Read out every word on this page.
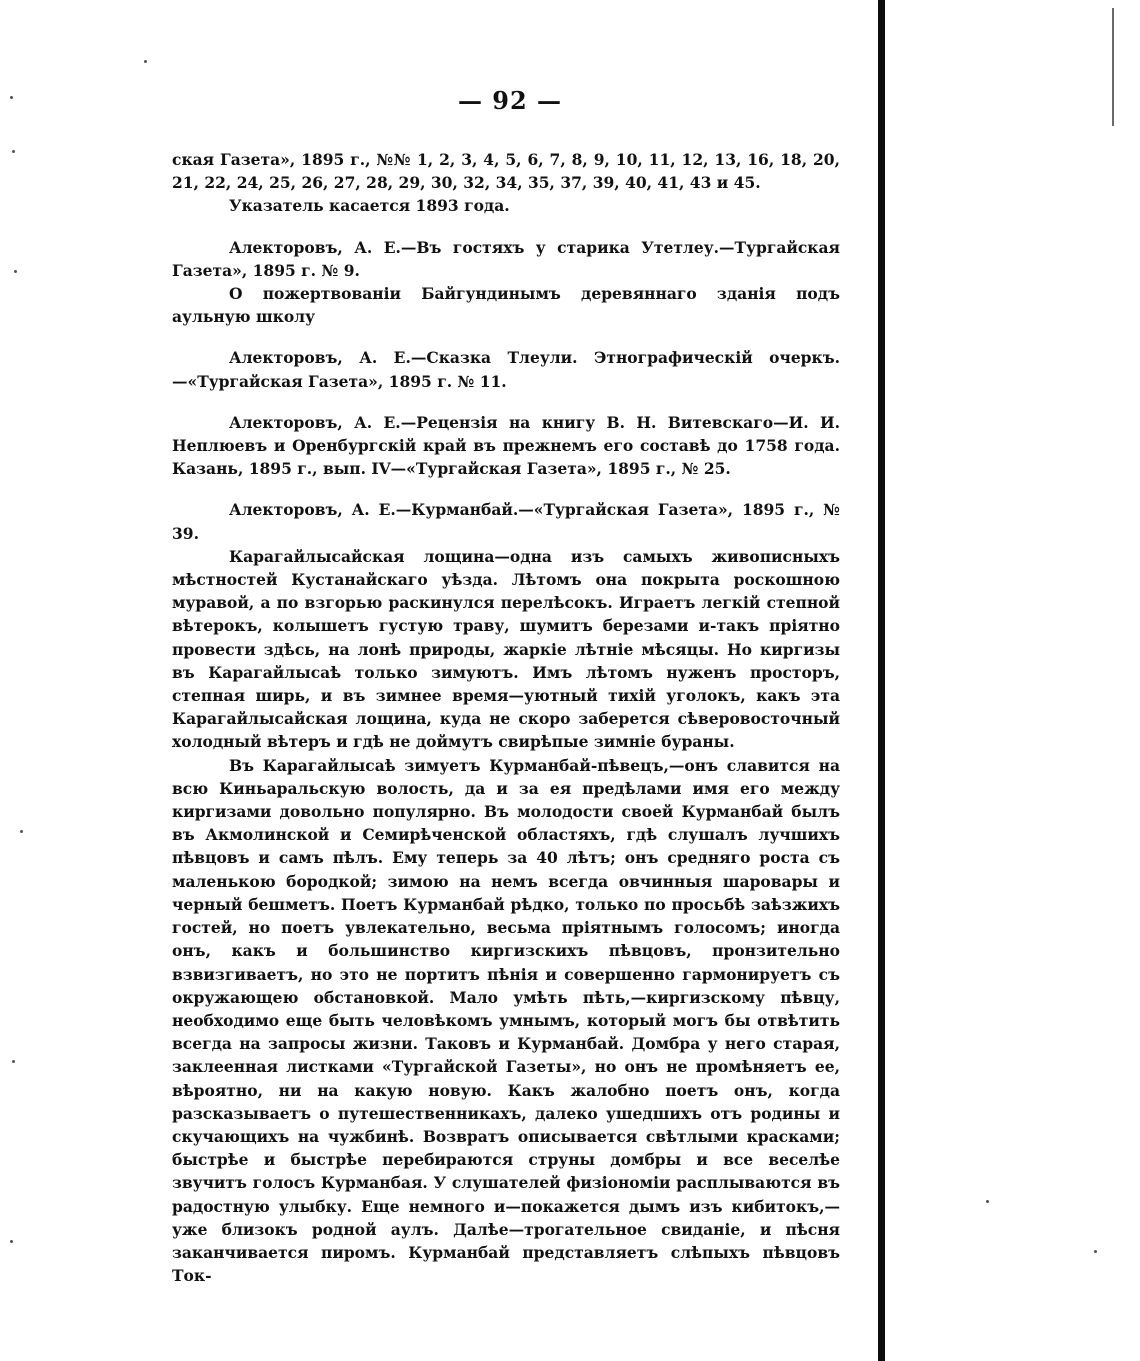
— 92 —

ская Газета», 1895 г., №№ 1, 2, 3, 4, 5, 6, 7, 8, 9, 10, 11, 12, 13, 16, 18, 20, 21, 22, 24, 25, 26, 27, 28, 29, 30, 32, 34, 35, 37, 39, 40, 41, 43 и 45.

Указатель касается 1893 года.

Алекторовъ, А. Е.—Въ гостяхъ у старика Утетлеу.—Тургайская Газета», 1895 г. № 9.

О пожертвованіи Байгундинымъ деревяннаго зданія подъ аульную школу

Алекторовъ, А. Е.—Сказка Тлеули. Этнографическій очеркъ.—«Тургайская Газета», 1895 г. № 11.

Алекторовъ, А. Е.—Рецензія на книгу В. Н. Витевскаго—И. И. Неплюевъ и Оренбургскій край въ прежнемъ его составѣ до 1758 года. Казань, 1895 г., вып. IV—«Тургайская Газета», 1895 г., № 25.

Алекторовъ, А. Е.—Курманбай.—«Тургайская Газета», 1895 г., № 39.

Карагайлысайская лощина—одна изъ самыхъ живописныхъ мѣстностей Кустанайскаго уѣзда. Лѣтомъ она покрыта роскошною муравой, а по взгорью раскинулся перелѣсокъ. Играетъ легкій степной вѣтерокъ, колышетъ густую траву, шумитъ березами и-такъ пріятно провести здѣсь, на лонѣ природы, жаркіе лѣтніе мѣсяцы. Но киргизы въ Карагайлысаѣ только зимуютъ. Имъ лѣтомъ нуженъ просторъ, степная ширь, и въ зимнее время—уютный тихій уголокъ, какъ эта Карагайлысайская лощина, куда не скоро заберется сѣверовосточный холодный вѣтеръ и гдѣ не доймутъ свирѣпые зимніе бураны.

Въ Карагайлысаѣ зимуетъ Курманбай-пѣвецъ,—онъ славится на всю Киньаральскую волость, да и за ея предѣлами имя его между киргизами довольно популярно. Въ молодости своей Курманбай былъ въ Акмолинской и Семирѣченской областяхъ, гдѣ слушалъ лучшихъ пѣвцовъ и самъ пѣлъ. Ему теперь за 40 лѣтъ; онъ средняго роста съ маленькою бородкой; зимою на немъ всегда овчинныя шаровары и черный бешметъ. Поетъ Курманбай рѣдко, только по просьбѣ заѣзжихъ гостей, но поетъ увлекательно, весьма пріятнымъ голосомъ; иногда онъ, какъ и большинство киргизскихъ пѣвцовъ, пронзительно взвизгиваетъ, но это не портитъ пѣнія и совершенно гармонируетъ съ окружающею обстановкой. Мало умѣть пѣть,—киргизскому пѣвцу, необходимо еще быть человѣкомъ умнымъ, который могъ бы отвѣтить всегда на запросы жизни. Таковъ и Курманбай. Домбра у него старая, заклеенная листками «Тургайской Газеты», но онъ не промѣняетъ ее, вѣроятно, ни на какую новую. Какъ жалобно поетъ онъ, когда разсказываетъ о путешественникахъ, далеко ушедшихъ отъ родины и скучающихъ на чужбинѣ. Возвратъ описывается свѣтлыми красками; быстрѣе и быстрѣе перебираются струны домбры и все веселѣе звучитъ голосъ Курманбая. У слушателей физіономіи расплываются въ радостную улыбку. Еще немного и—покажется дымъ изъ кибитокъ,—уже близокъ родной аулъ. Далѣе—трогательное свиданіе, и пѣсня заканчивается пиромъ. Курманбай представляетъ слѣпыхъ пѣвцовъ Ток-
